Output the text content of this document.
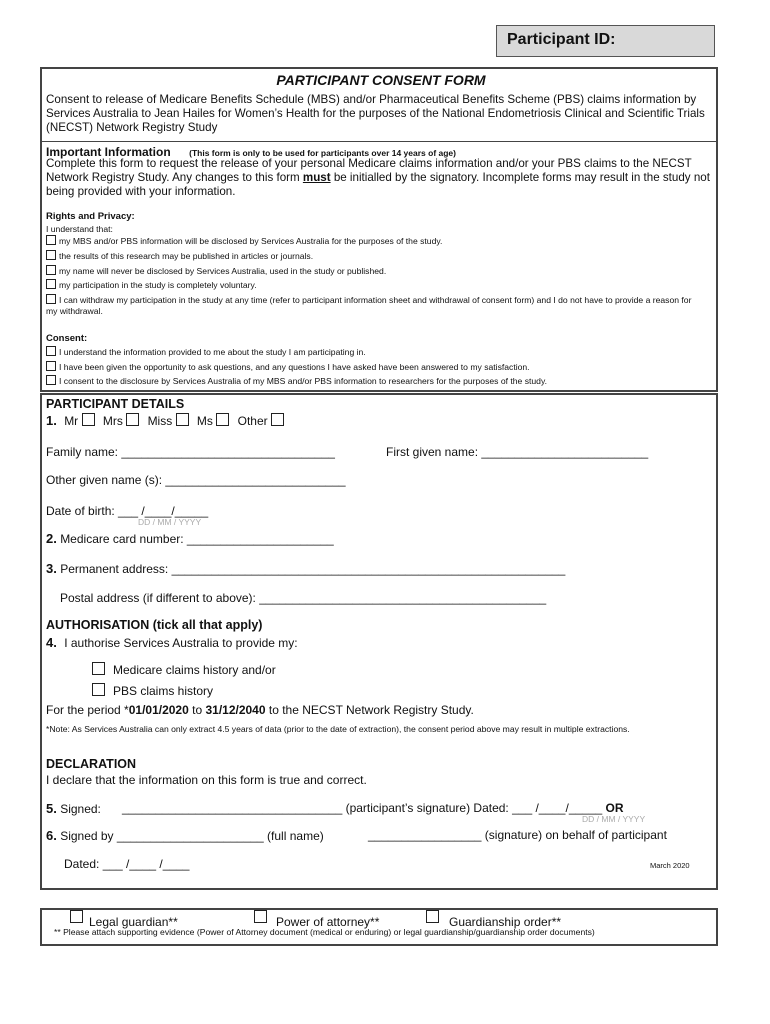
Participant ID:
PARTICIPANT CONSENT FORM
Consent to release of Medicare Benefits Schedule (MBS) and/or Pharmaceutical Benefits Scheme (PBS) claims information by Services Australia to Jean Hailes for Women’s Health for the purposes of the National Endometriosis Clinical and Scientific Trials (NECST) Network Registry Study
Important Information (This form is only to be used for participants over 14 years of age)
Complete this form to request the release of your personal Medicare claims information and/or your PBS claims to the NECST Network Registry Study. Any changes to this form must be initialled by the signatory. Incomplete forms may result in the study not being provided with your information.
Rights and Privacy:
I understand that:
my MBS and/or PBS information will be disclosed by Services Australia for the purposes of the study.
the results of this research may be published in articles or journals.
my name will never be disclosed by Services Australia, used in the study or published.
my participation in the study is completely voluntary.
I can withdraw my participation in the study at any time (refer to participant information sheet and withdrawal of consent form) and I do not have to provide a reason for my withdrawal.
Consent:
I understand the information provided to me about the study I am participating in.
I have been given the opportunity to ask questions, and any questions I have asked have been answered to my satisfaction.
I consent to the disclosure by Services Australia of my MBS and/or PBS information to researchers for the purposes of the study.
PARTICIPANT DETAILS
1. Mr Mrs Miss Ms Other
Family name: ________________________________	First given name: _________________________
Other given name (s): ___________________________
Date of birth: ___ /____/_____
DD / MM / YYYY
2. Medicare card number: ______________________
3. Permanent address: ___________________________________________________________
Postal address (if different to above): ___________________________________________
AUTHORISATION (tick all that apply)
4. I authorise Services Australia to provide my:
Medicare claims history and/or
PBS claims history
For the period *01/01/2020 to 31/12/2040 to the NECST Network Registry Study.
*Note: As Services Australia can only extract 4.5 years of data (prior to the date of extraction), the consent period above may result in multiple extractions.
DECLARATION
I declare that the information on this form is true and correct.
5. Signed: _________________________________ (participant’s signature) Dated: ___ /____/_____ OR
DD / MM / YYYY
6. Signed by ______________________ (full name)	_________________ (signature) on behalf of participant
Dated: ___ /____ /____	March 2020
Legal guardian**	Power of attorney**	Guardianship order**
** Please attach supporting evidence (Power of Attorney document (medical or enduring) or legal guardianship/guardianship order documents)
